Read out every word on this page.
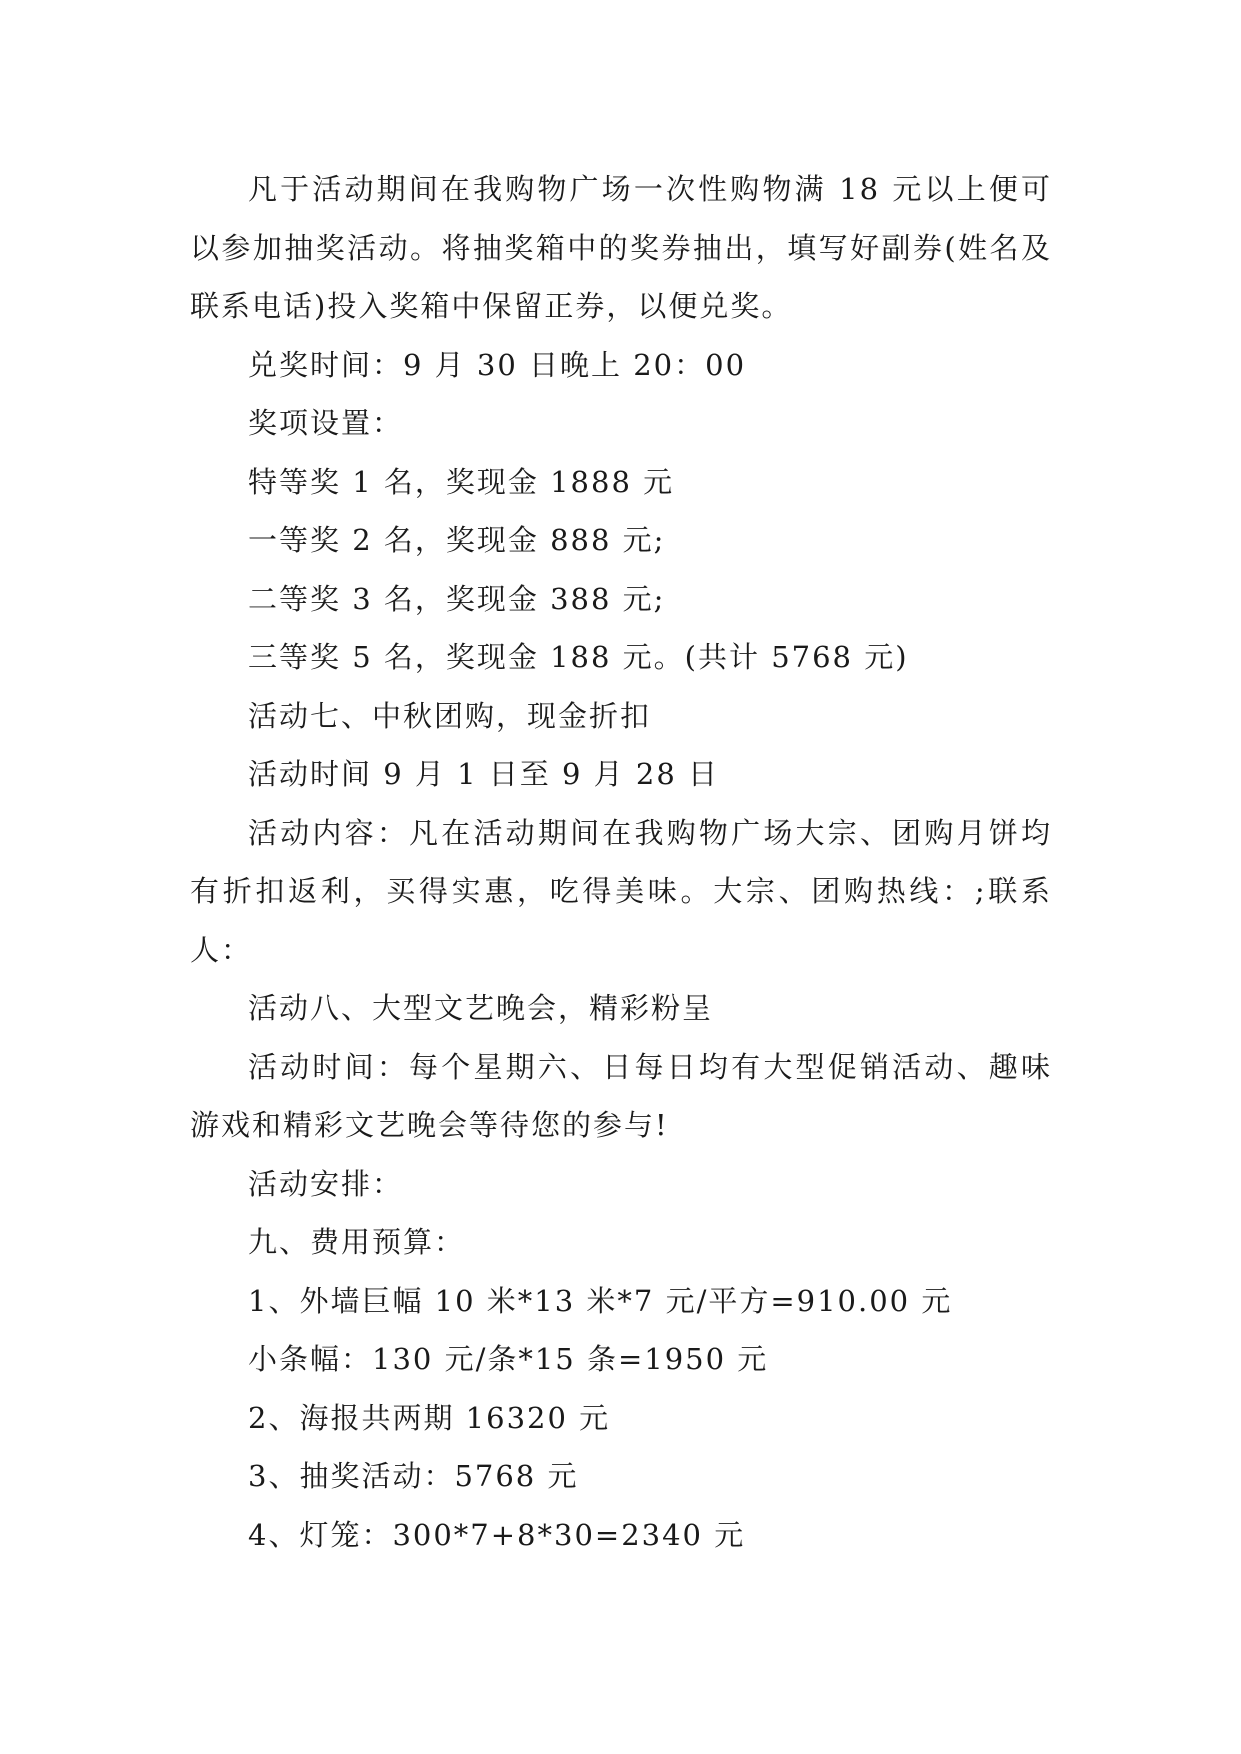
凡于活动期间在我购物广场一次性购物满 18 元以上便可以参加抽奖活动。将抽奖箱中的奖券抽出，填写好副券(姓名及联系电话)投入奖箱中保留正券，以便兑奖。

兑奖时间：9 月 30 日晚上 20：00

奖项设置：

特等奖 1 名，奖现金 1888 元

一等奖 2 名，奖现金 888 元;

二等奖 3 名，奖现金 388 元;

三等奖 5 名，奖现金 188 元。(共计 5768 元)

活动七、中秋团购，现金折扣

活动时间 9 月 1 日至 9 月 28 日

活动内容：凡在活动期间在我购物广场大宗、团购月饼均有折扣返利，买得实惠，吃得美味。大宗、团购热线：;联系人：

活动八、大型文艺晚会，精彩粉呈

活动时间：每个星期六、日每日均有大型促销活动、趣味游戏和精彩文艺晚会等待您的参与!

活动安排：

九、费用预算：

1、外墙巨幅 10 米*13 米*7 元/平方=910.00 元

小条幅：130 元/条*15 条=1950 元

2、海报共两期 16320 元

3、抽奖活动：5768 元

4、灯笼：300*7+8*30=2340 元
